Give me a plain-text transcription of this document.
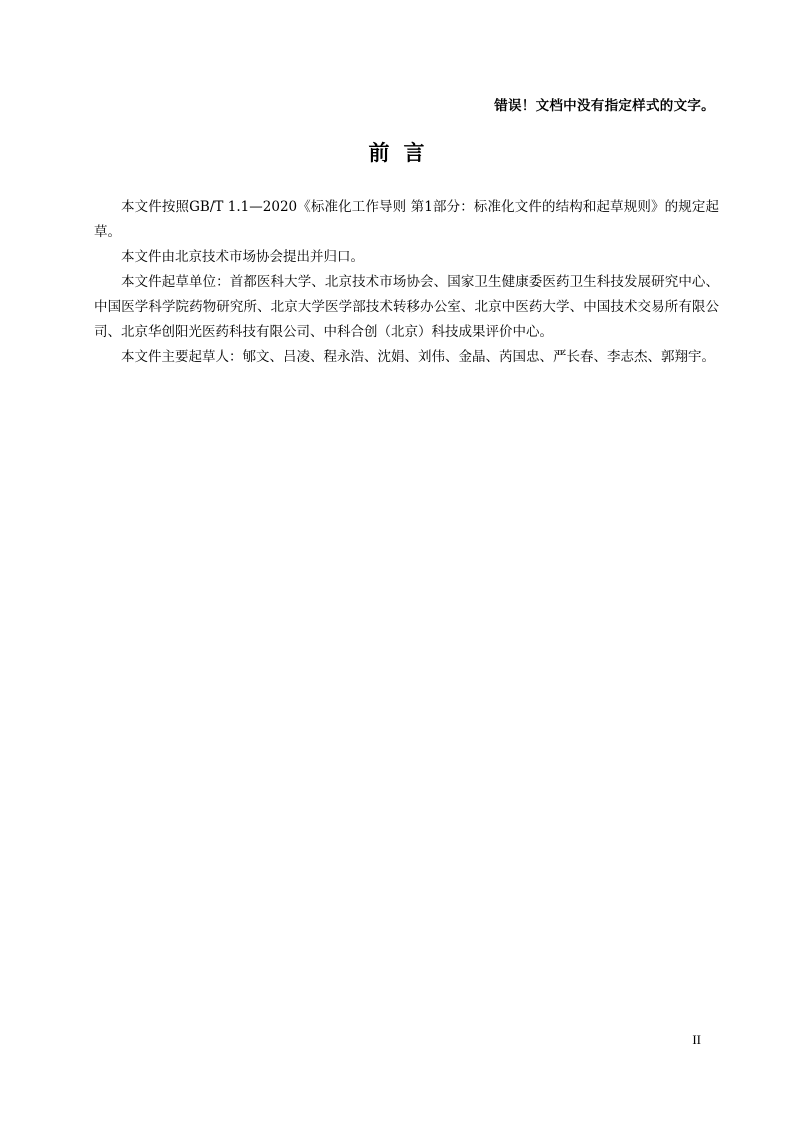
错误！文档中没有指定样式的文字。
前言

本文件按照GB/T 1.1—2020《标准化工作导则 第1部分：标准化文件的结构和起草规则》的规定起草。

本文件由北京技术市场协会提出并归口。

本文件起草单位：首都医科大学、北京技术市场协会、国家卫生健康委医药卫生科技发展研究中心、中国医学科学院药物研究所、北京大学医学部技术转移办公室、北京中医药大学、中国技术交易所有限公司、北京华创阳光医药科技有限公司、中科合创（北京）科技成果评价中心。

本文件主要起草人：郇文、吕凌、程永浩、沈娟、刘伟、金晶、芮国忠、严长春、李志杰、郭翔宇。

II
